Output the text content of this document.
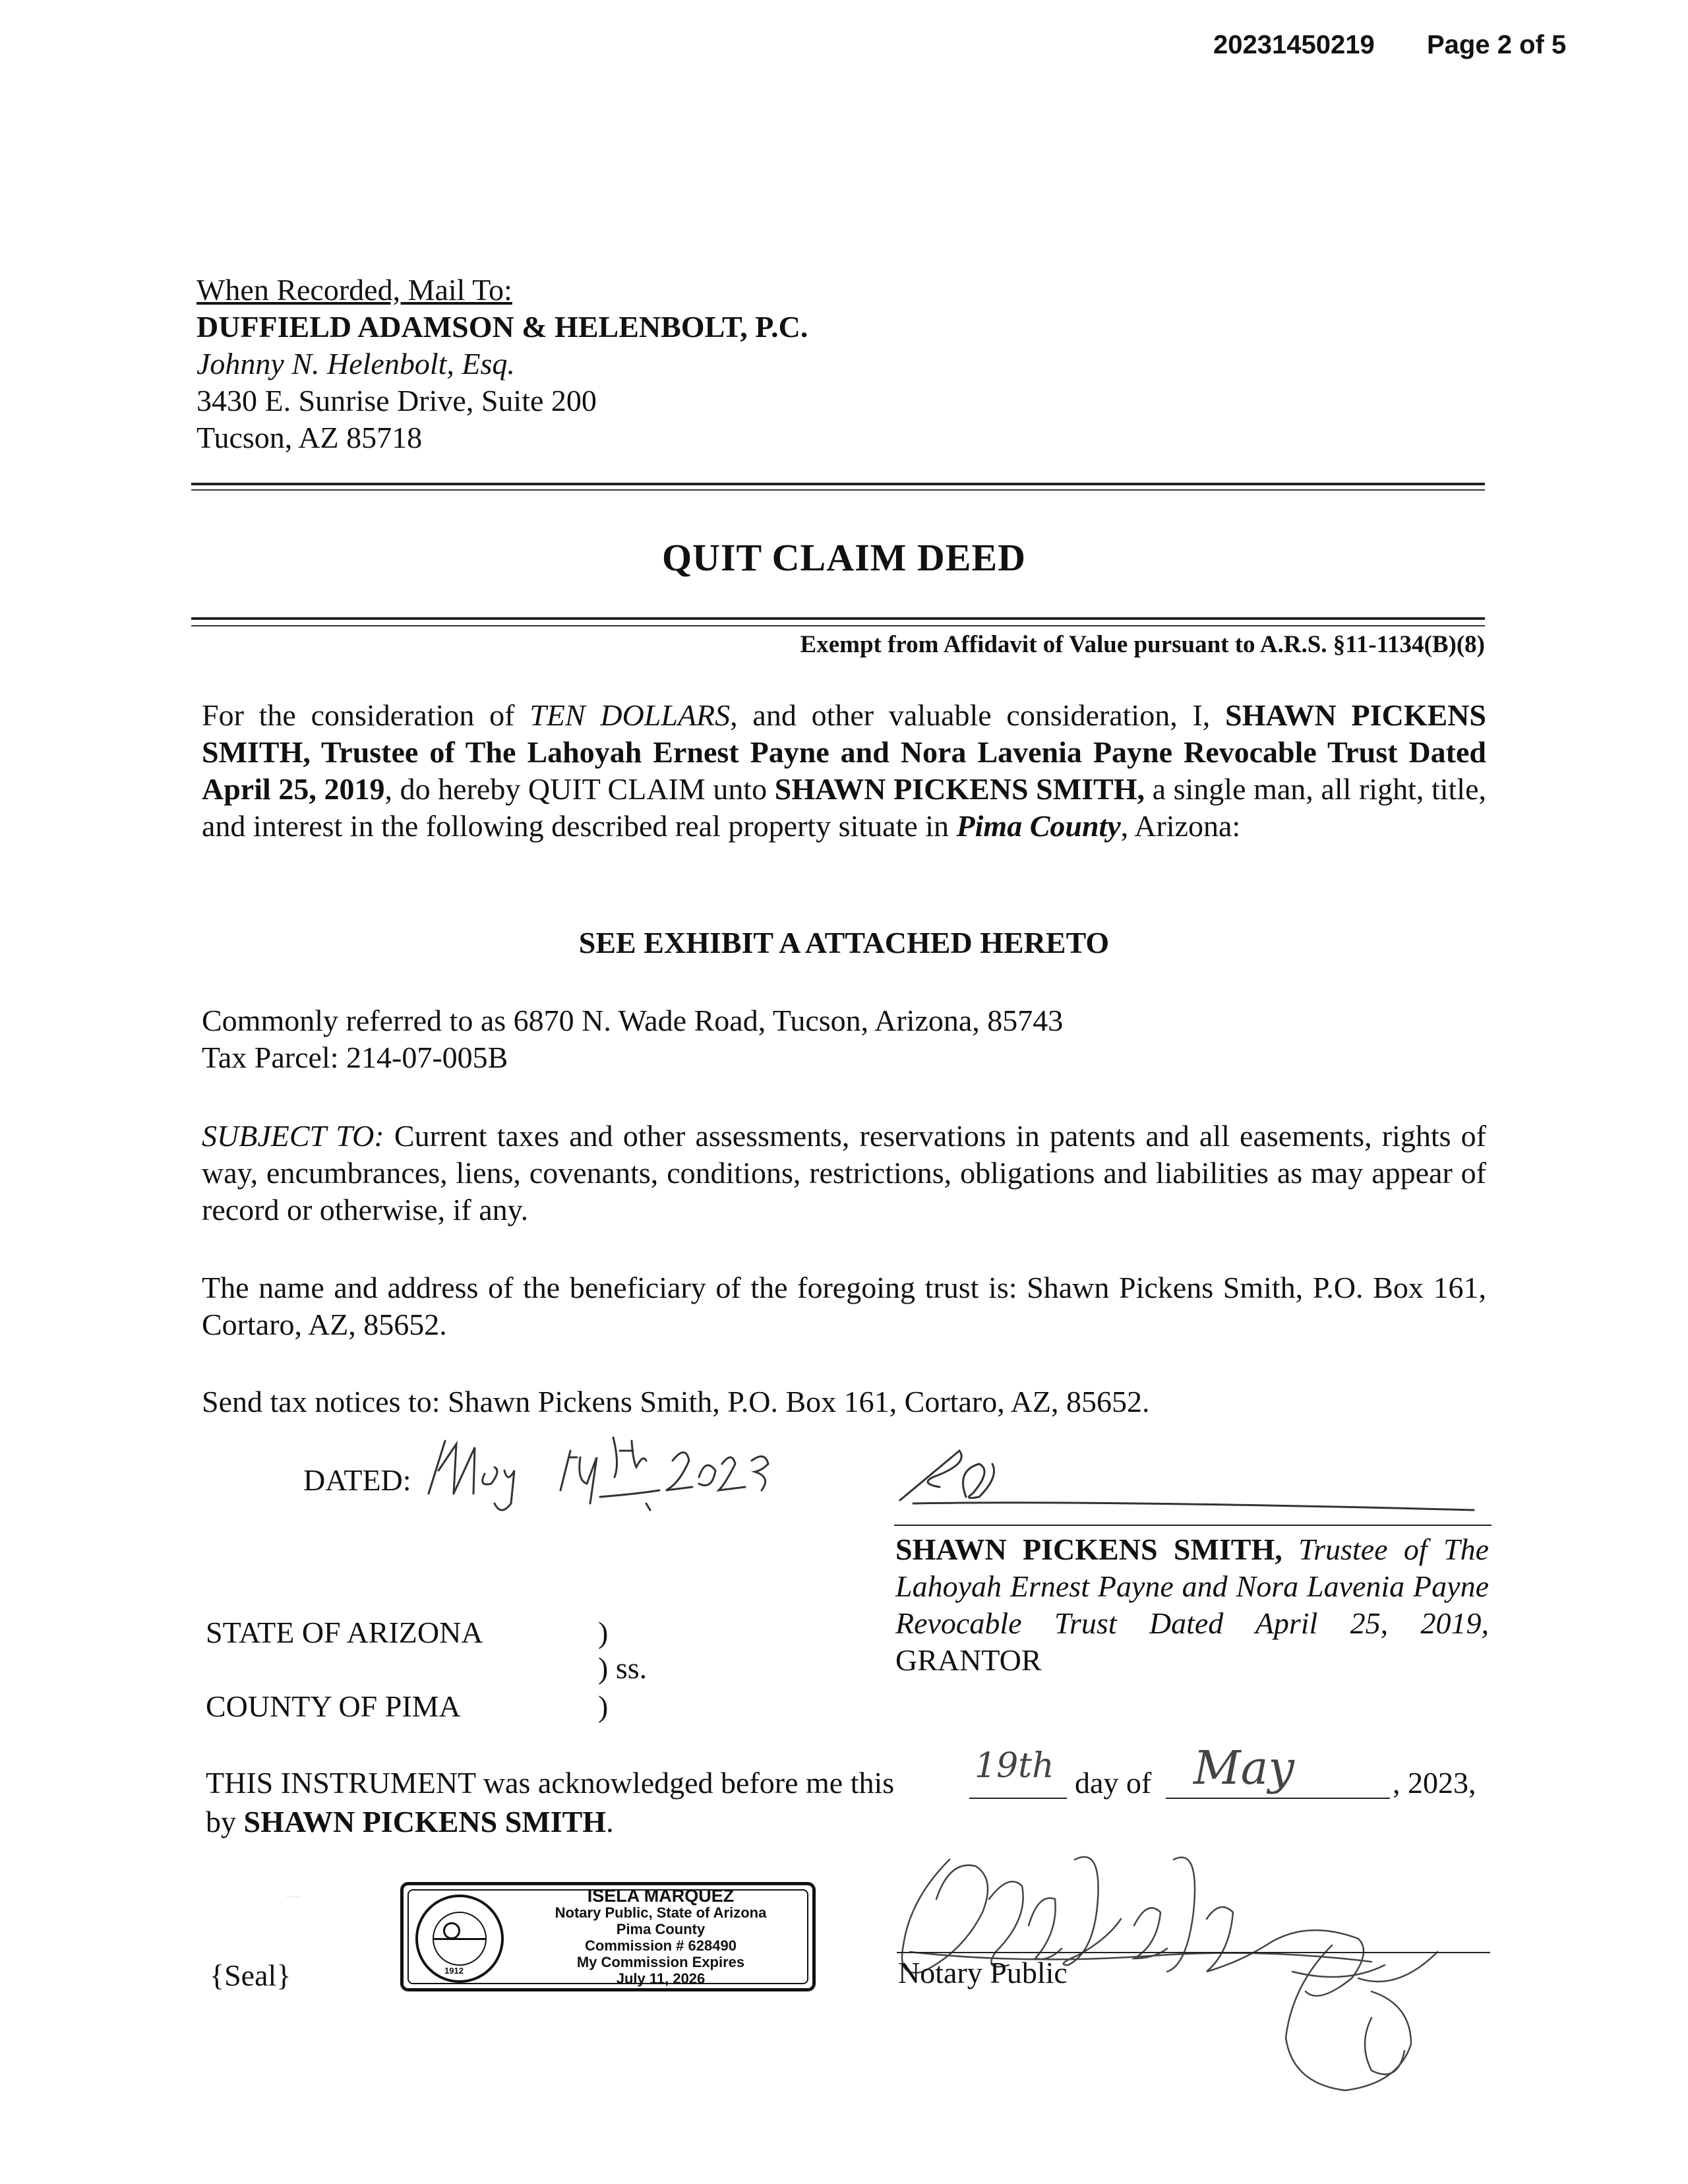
20231450219 Page 2 of 5
When Recorded, Mail To:
DUFFIELD ADAMSON & HELENBOLT, P.C.
Johnny N. Helenbolt, Esq.
3430 E. Sunrise Drive, Suite 200
Tucson, AZ 85718
QUIT CLAIM DEED
Exempt from Affidavit of Value pursuant to A.R.S. §11-1134(B)(8)
For the consideration of TEN DOLLARS, and other valuable consideration, I, SHAWN PICKENS SMITH, Trustee of The Lahoyah Ernest Payne and Nora Lavenia Payne Revocable Trust Dated April 25, 2019, do hereby QUIT CLAIM unto SHAWN PICKENS SMITH, a single man, all right, title, and interest in the following described real property situate in Pima County, Arizona:
SEE EXHIBIT A ATTACHED HERETO
Commonly referred to as 6870 N. Wade Road, Tucson, Arizona, 85743
Tax Parcel: 214-07-005B
SUBJECT TO: Current taxes and other assessments, reservations in patents and all easements, rights of way, encumbrances, liens, covenants, conditions, restrictions, obligations and liabilities as may appear of record or otherwise, if any.
The name and address of the beneficiary of the foregoing trust is: Shawn Pickens Smith, P.O. Box 161, Cortaro, AZ, 85652.
Send tax notices to: Shawn Pickens Smith, P.O. Box 161, Cortaro, AZ, 85652.
DATED:
SHAWN PICKENS SMITH, Trustee of The Lahoyah Ernest Payne and Nora Lavenia Payne Revocable Trust Dated April 25, 2019, GRANTOR
STATE OF ARIZONA	)
) ss.
COUNTY OF PIMA	)
THIS INSTRUMENT was acknowledged before me this 19th day of May	, 2023,
by SHAWN PICKENS SMITH.
{Seal}
THE GREAT SEAL OF THE STATE OF ARIZONA
1912
ISELA MARQUEZ
Notary Public, State of Arizona
Pima County
Commission # 628490
My Commission Expires
July 11, 2026	Notary Public
